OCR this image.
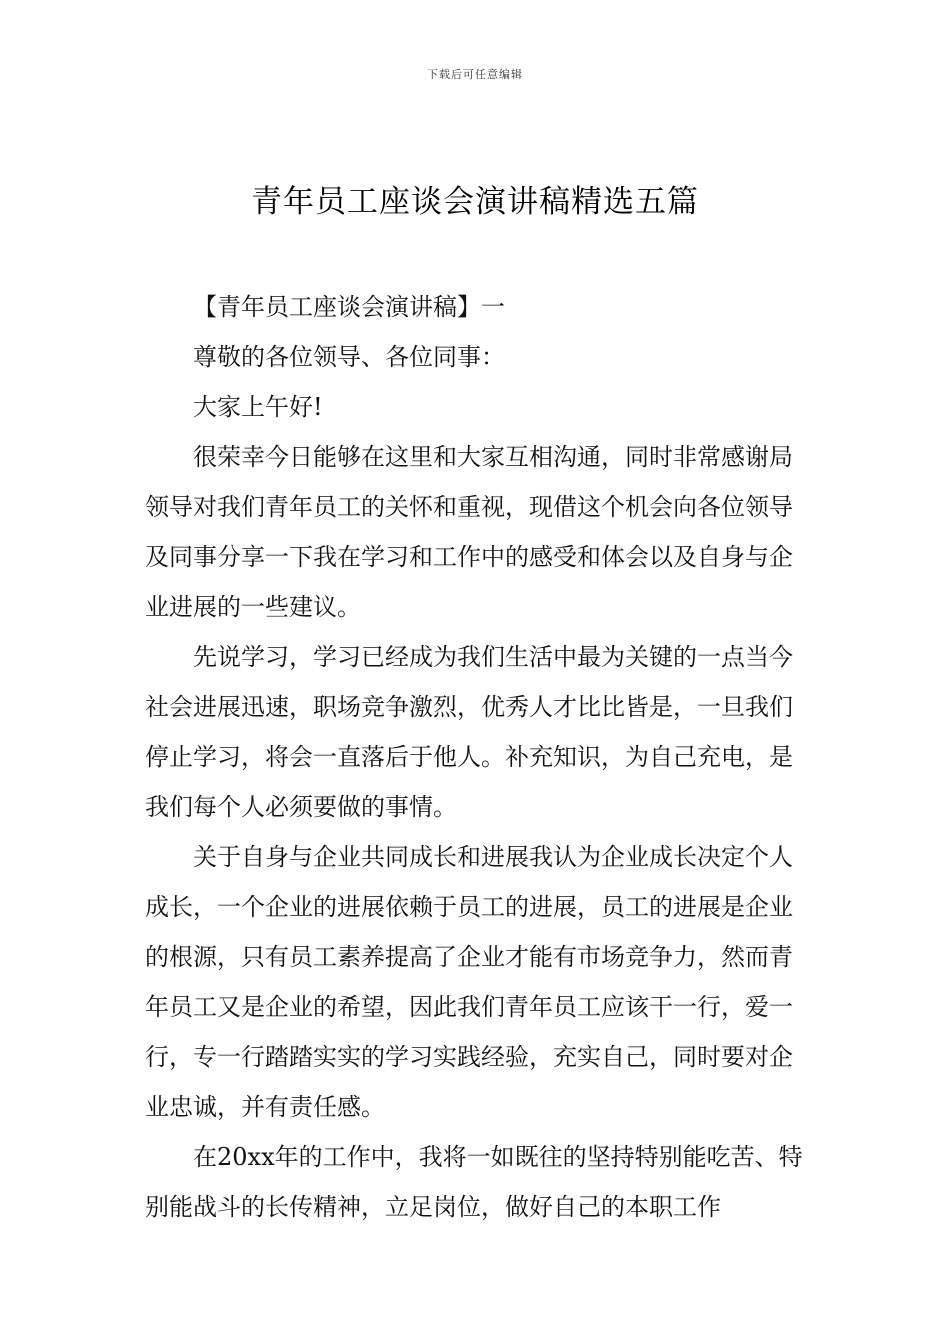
下载后可任意编辑
青年员工座谈会演讲稿精选五篇

【青年员工座谈会演讲稿】一

尊敬的各位领导、各位同事：

大家上午好!

很荣幸今日能够在这里和大家互相沟通，同时非常感谢局领导对我们青年员工的关怀和重视，现借这个机会向各位领导及同事分享一下我在学习和工作中的感受和体会以及自身与企业进展的一些建议。

先说学习，学习已经成为我们生活中最为关键的一点当今社会进展迅速，职场竞争激烈，优秀人才比比皆是，一旦我们停止学习，将会一直落后于他人。补充知识，为自己充电，是我们每个人必须要做的事情。

关于自身与企业共同成长和进展我认为企业成长决定个人成长，一个企业的进展依赖于员工的进展，员工的进展是企业的根源，只有员工素养提高了企业才能有市场竞争力，然而青年员工又是企业的希望，因此我们青年员工应该干一行，爱一行，专一行踏踏实实的学习实践经验，充实自己，同时要对企业忠诚，并有责任感。

在20xx年的工作中，我将一如既往的坚持特别能吃苦、特别能战斗的长传精神，立足岗位，做好自己的本职工作
